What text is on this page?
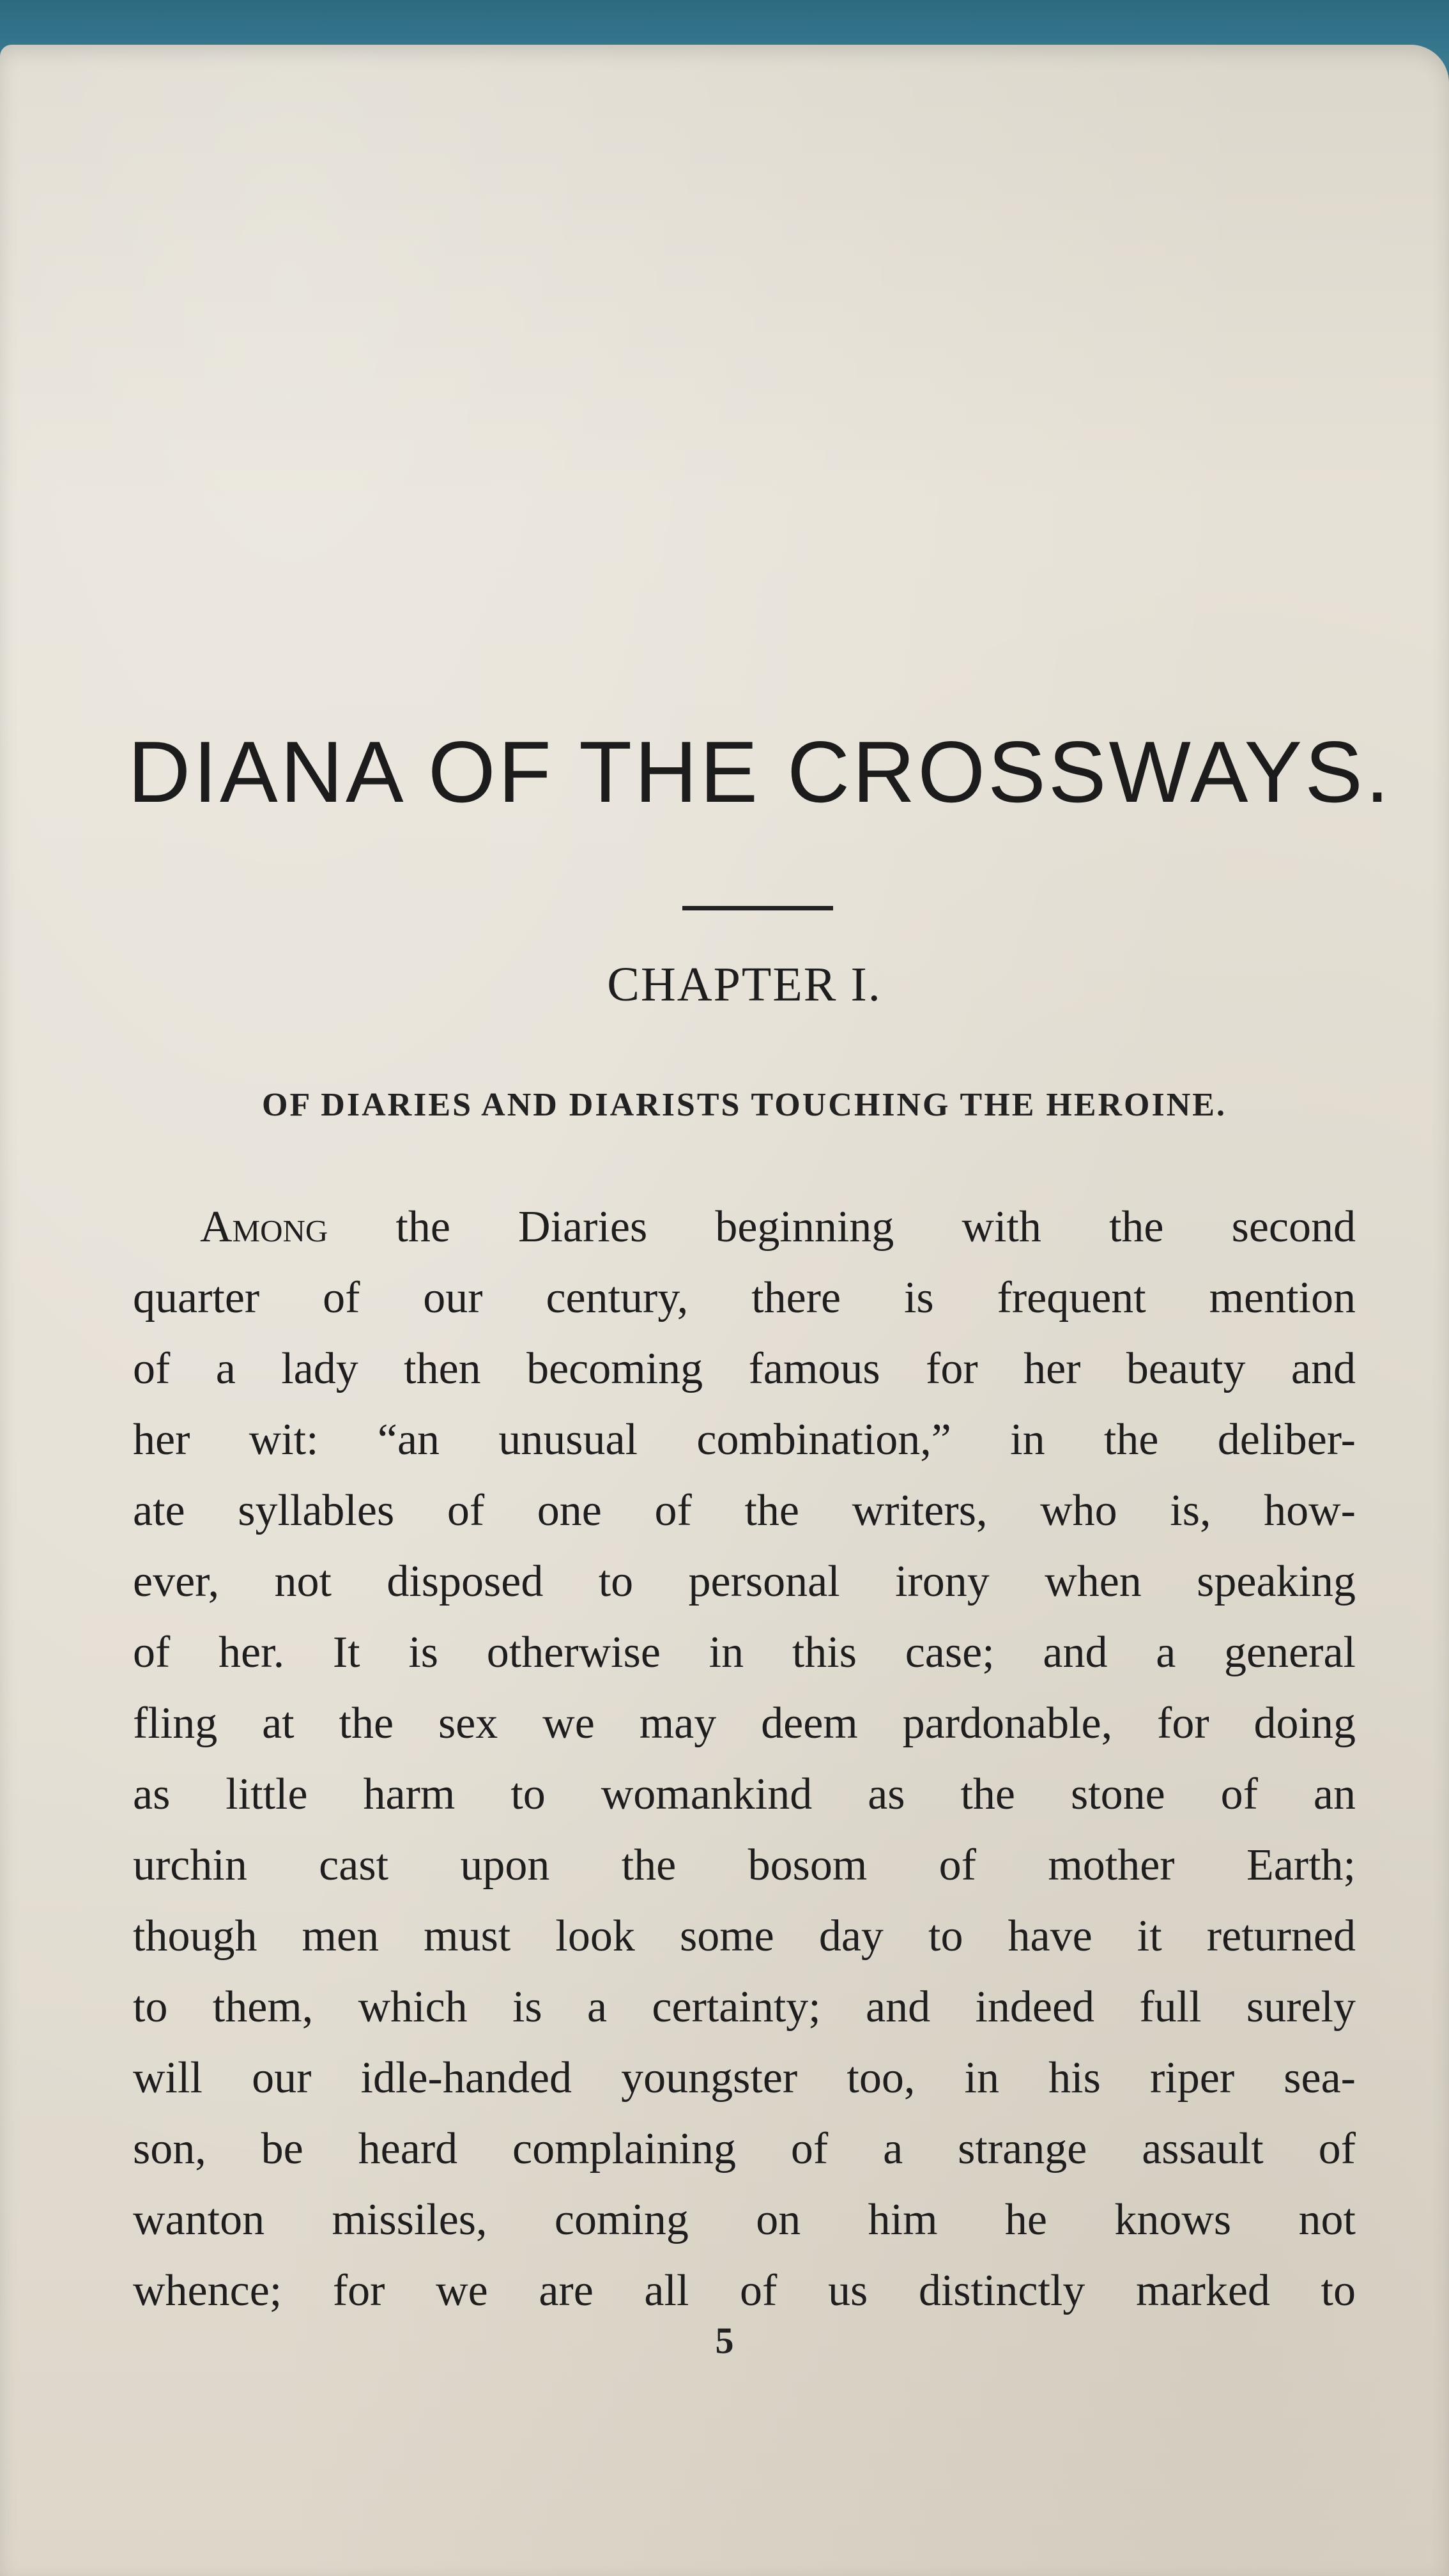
DIANA OF THE CROSSWAYS.
CHAPTER I.
OF DIARIES AND DIARISTS TOUCHING THE HEROINE.
Among the Diaries beginning with the second
quarter of our century, there is frequent mention
of a lady then becoming famous for her beauty and
her wit: “an unusual combination,” in the deliber-
ate syllables of one of the writers, who is, how-
ever, not disposed to personal irony when speaking
of her. It is otherwise in this case; and a general
fling at the sex we may deem pardonable, for doing
as little harm to womankind as the stone of an
urchin cast upon the bosom of mother Earth;
though men must look some day to have it returned
to them, which is a certainty; and indeed full surely
will our idle-handed youngster too, in his riper sea-
son, be heard complaining of a strange assault of
wanton missiles, coming on him he knows not
whence; for we are all of us distinctly marked to
5
